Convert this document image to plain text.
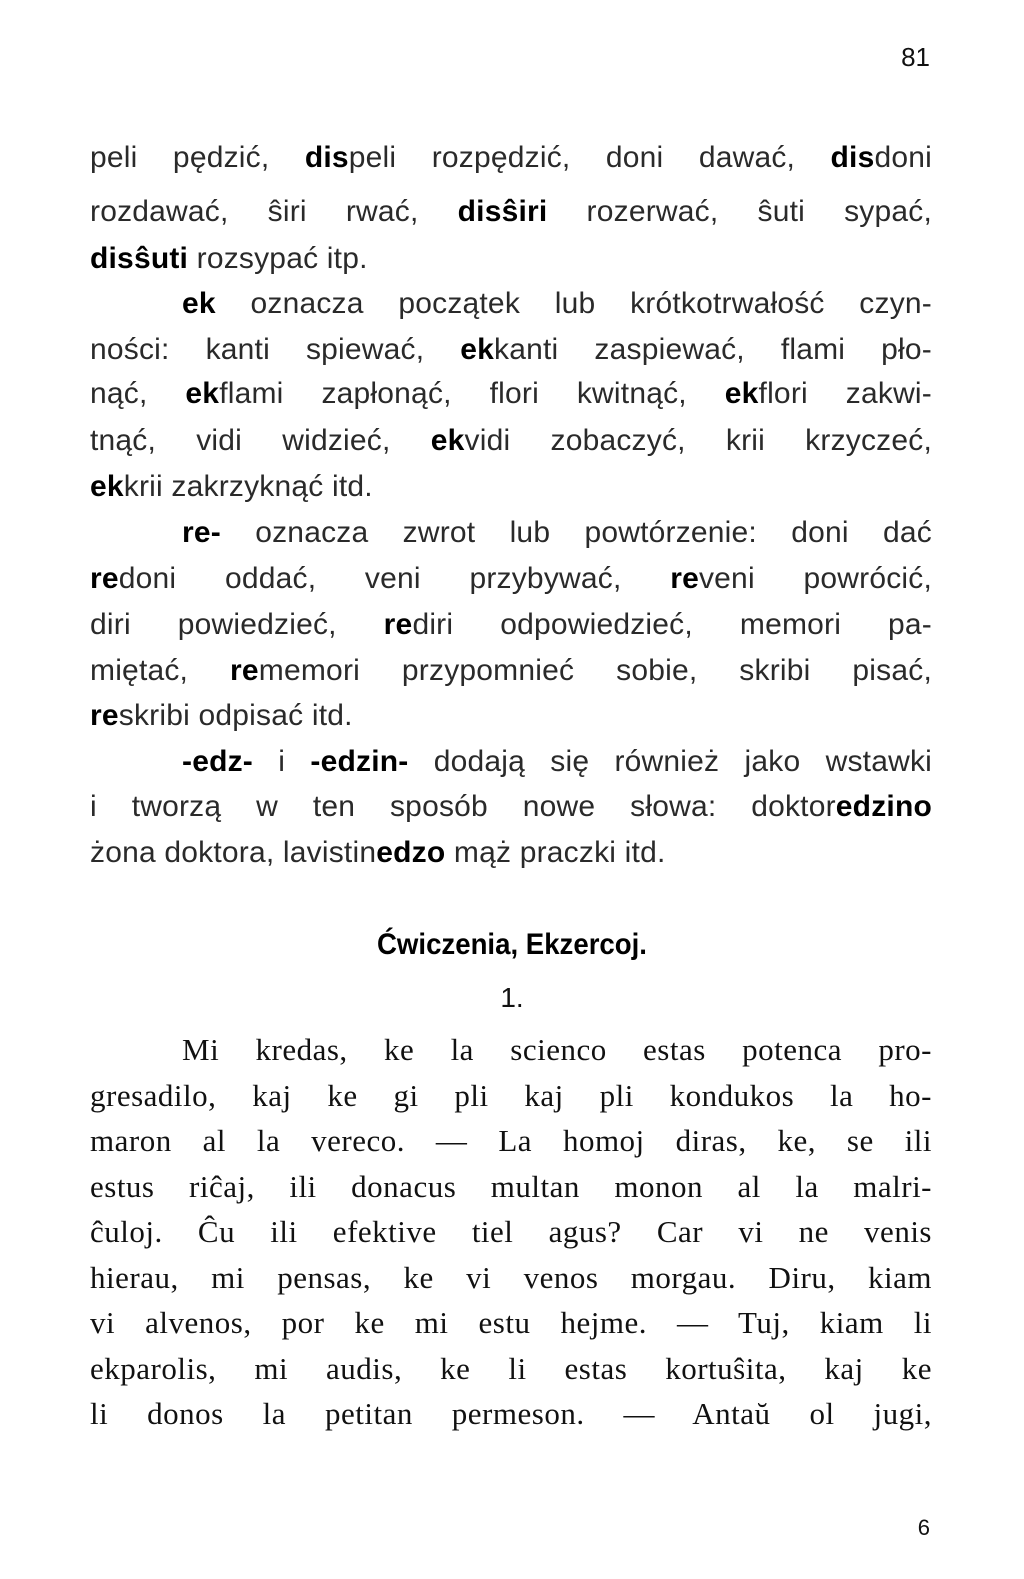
81
peli pędzić, dispeli rozpędzić, doni dawać, disdoni
rozdawać, ŝiri rwać, disŝiri rozerwać, ŝuti sypać,
disŝuti rozsypać itp.
ek oznacza początek lub krótkotrwałość czyn-
ności: kanti spiewać, ekkanti zaspiewać, flami pło-
nąć, ekflami zapłonąć, flori kwitnąć, ekflori zakwi-
tnąć, vidi widzieć, ekvidi zobaczyć, krii krzyczeć,
ekkrii zakrzyknąć itd.
re- oznacza zwrot lub powtórzenie: doni dać
redoni oddać, veni przybywać, reveni powrócić,
diri powiedzieć, rediri odpowiedzieć, memori pa-
miętać, rememori przypomnieć sobie, skribi pisać,
reskribi odpisać itd.
-edz- i -edzin- dodają się również jako wstawki
i tworzą w ten sposób nowe słowa: doktoredzino
żona doktora, lavistinedzo mąż praczki itd.
Ćwiczenia, Ekzercoj.
1.
Mi kredas, ke la scienco estas potenca pro-
gresadilo, kaj ke gi pli kaj pli kondukos la ho-
maron al la vereco. — La homoj diras, ke, se ili
estus riĉaj, ili donacus multan monon al la malri-
ĉuloj. Ĉu ili efektive tiel agus? Car vi ne venis
hierau, mi pensas, ke vi venos morgau. Diru, kiam
vi alvenos, por ke mi estu hejme. — Tuj, kiam li
ekparolis, mi audis, ke li estas kortuŝita, kaj ke
li donos la petitan permeson. — Antaŭ ol jugi,
6
